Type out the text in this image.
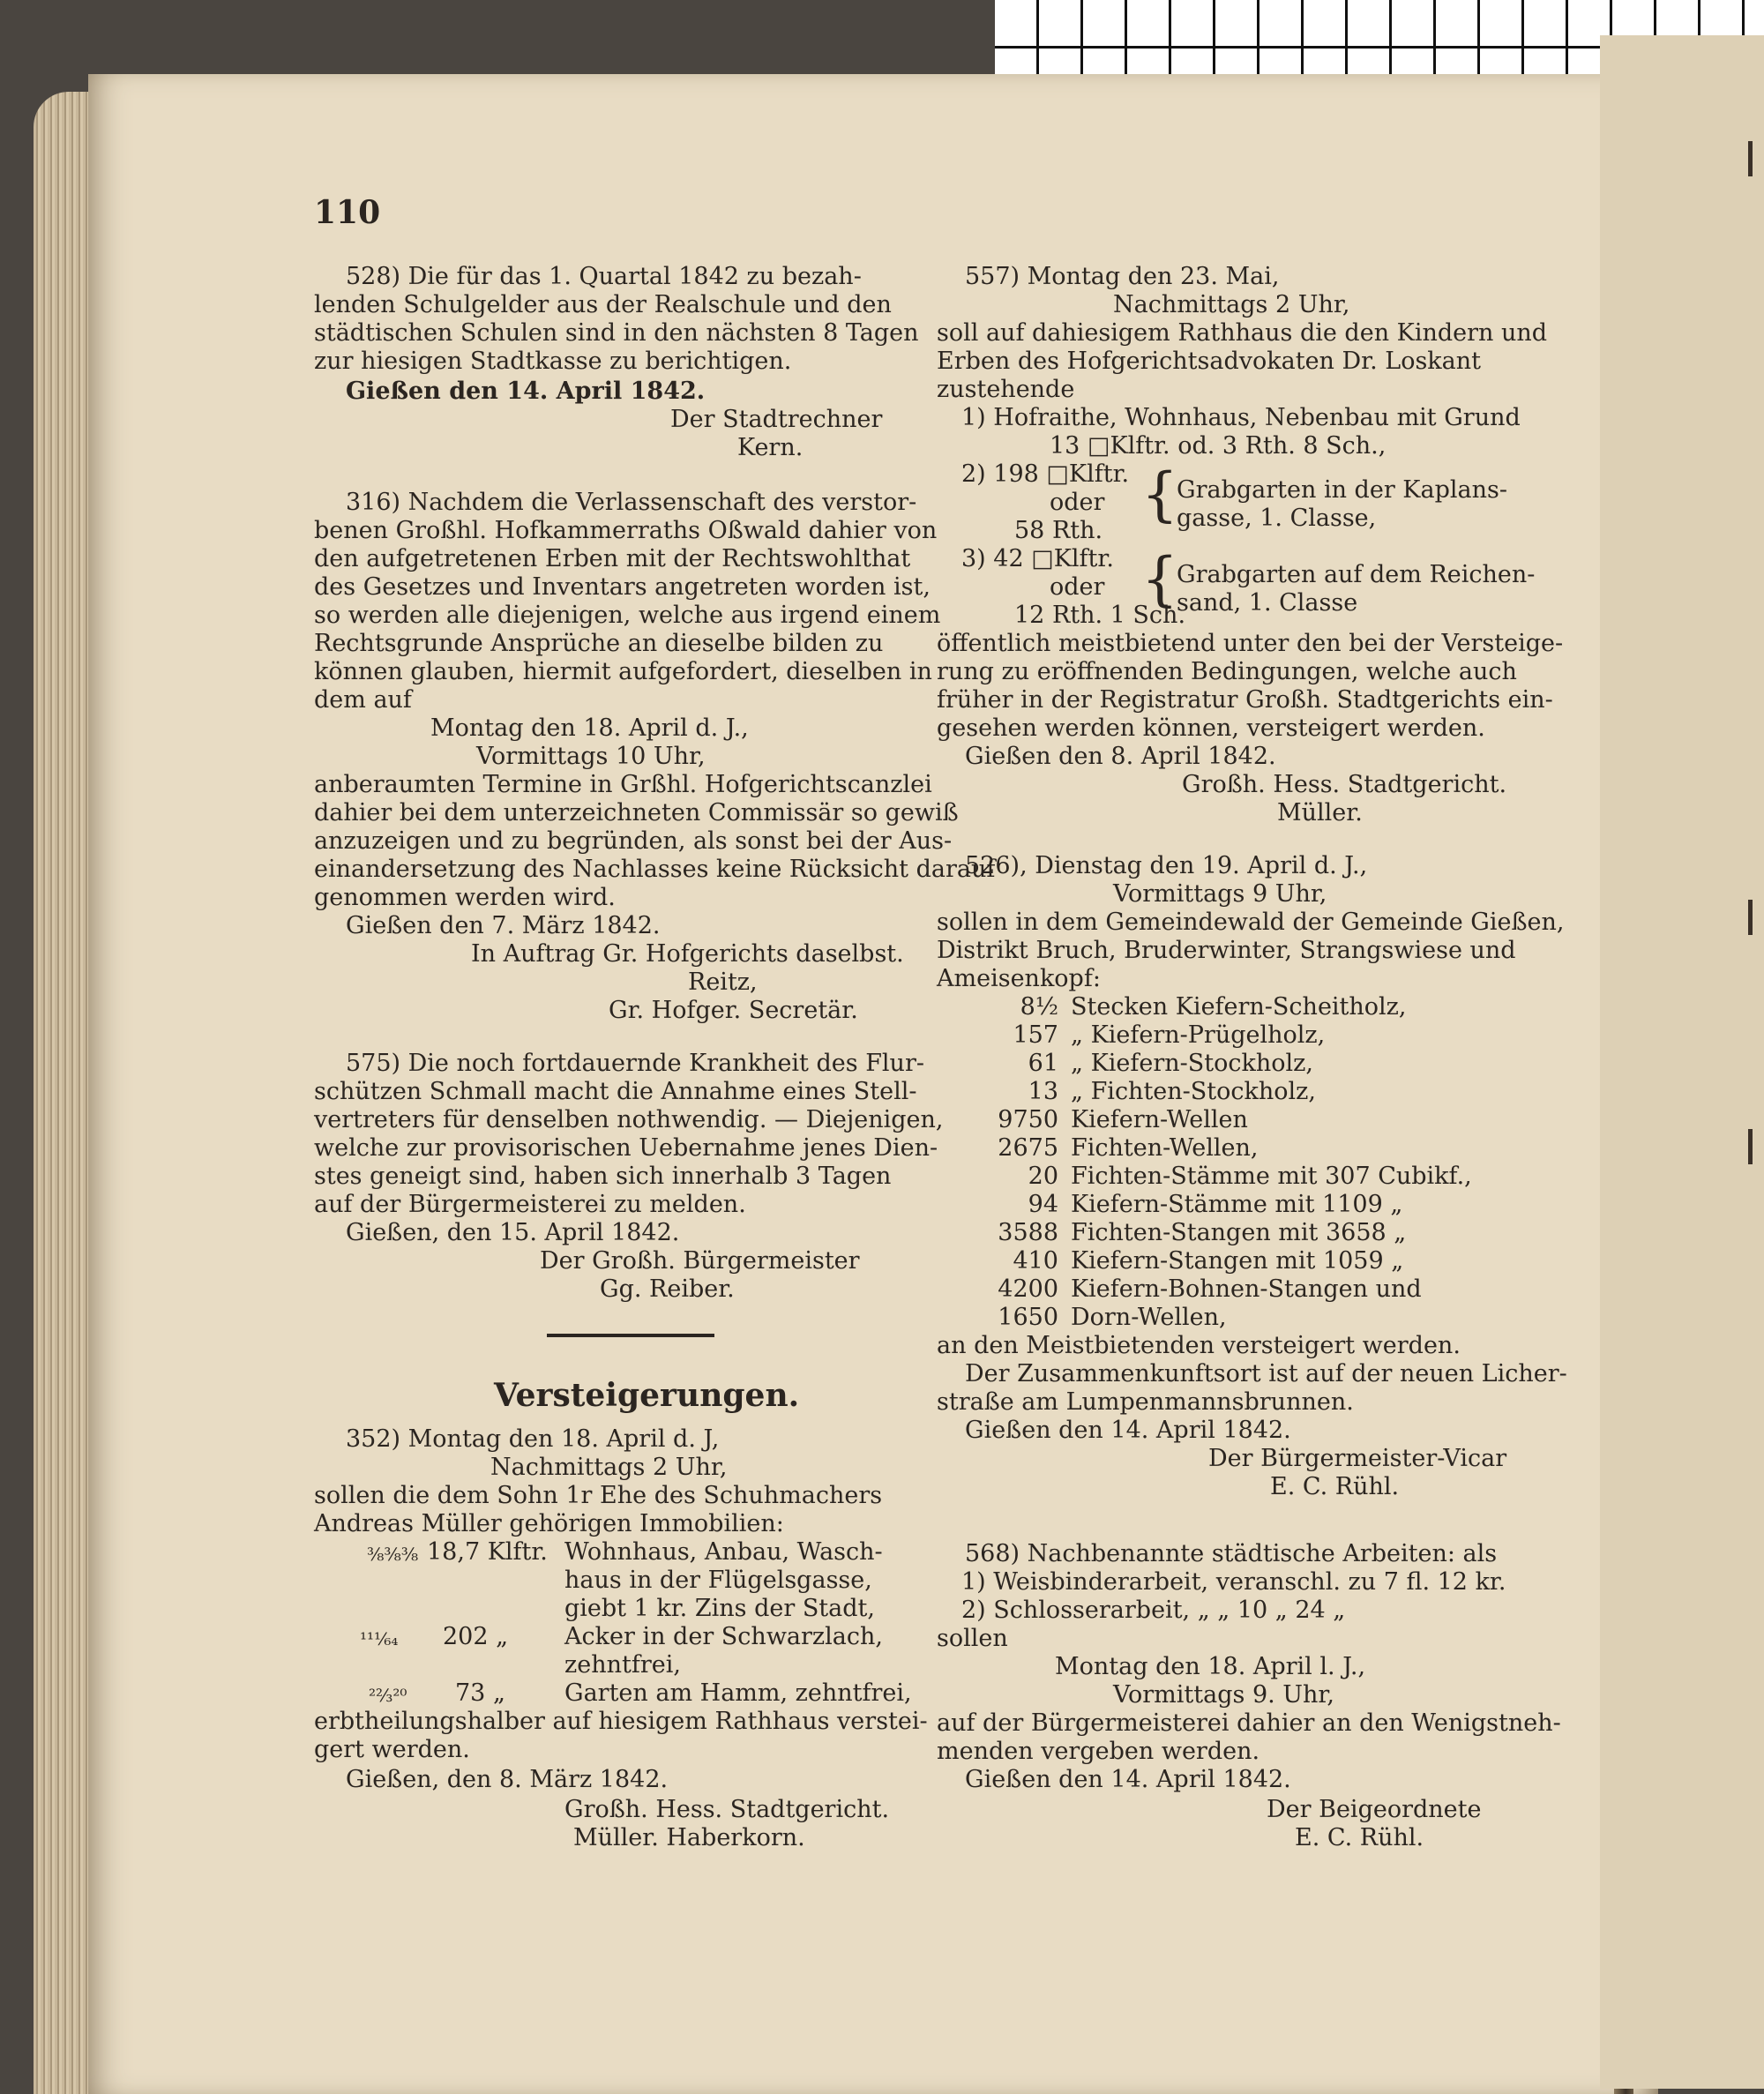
110
528) Die für das 1. Quartal 1842 zu bezah-
lenden Schulgelder aus der Realschule und den
städtischen Schulen sind in den nächsten 8 Tagen
zur hiesigen Stadtkasse zu berichtigen.
Gießen den 14. April 1842.
Der Stadtrechner
Kern.
316) Nachdem die Verlassenschaft des verstor-
benen Großhl. Hofkammerraths Oßwald dahier von
den aufgetretenen Erben mit der Rechtswohlthat
des Gesetzes und Inventars angetreten worden ist,
so werden alle diejenigen, welche aus irgend einem
Rechtsgrunde Ansprüche an dieselbe bilden zu
können glauben, hiermit aufgefordert, dieselben in
dem auf
Montag den 18. April d. J.,
Vormittags 10 Uhr,
anberaumten Termine in Grßhl. Hofgerichtscanzlei
dahier bei dem unterzeichneten Commissär so gewiß
anzuzeigen und zu begründen, als sonst bei der Aus-
einandersetzung des Nachlasses keine Rücksicht darauf
genommen werden wird.
Gießen den 7. März 1842.
In Auftrag Gr. Hofgerichts daselbst.
Reitz,
Gr. Hofger. Secretär.
575) Die noch fortdauernde Krankheit des Flur-
schützen Schmall macht die Annahme eines Stell-
vertreters für denselben nothwendig. — Diejenigen,
welche zur provisorischen Uebernahme jenes Dien-
stes geneigt sind, haben sich innerhalb 3 Tagen
auf der Bürgermeisterei zu melden.
Gießen, den 15. April 1842.
Der Großh. Bürgermeister
Gg. Reiber.
Versteigerungen.
352) Montag den 18. April d. J,
Nachmittags 2 Uhr,
sollen die dem Sohn 1r Ehe des Schuhmachers
Andreas Müller gehörigen Immobilien:
⅜⅜⅜ 18,7 Klftr. Wohnhaus, Anbau, Wasch-
haus in der Flügelsgasse,
giebt 1 kr. Zins der Stadt,
¹¹⅟₆₄ 202 „ Acker in der Schwarzlach,
zehntfrei,
²⅔²⁰ 73 „ Garten am Hamm, zehntfrei,
erbtheilungshalber auf hiesigem Rathhaus verstei-
gert werden.
Gießen, den 8. März 1842.
Großh. Hess. Stadtgericht.
Müller. Haberkorn.
557) Montag den 23. Mai,
Nachmittags 2 Uhr,
soll auf dahiesigem Rathhaus die den Kindern und
Erben des Hofgerichtsadvokaten Dr. Loskant
zustehende
1) Hofraithe, Wohnhaus, Nebenbau mit Grund
13 □Klftr. od. 3 Rth. 8 Sch.,
2) 198 □Klftr.
oder
58 Rth.
{
Grabgarten in der Kaplans-
gasse, 1. Classe,
3) 42 □Klftr.
oder
12 Rth. 1 Sch.
{
Grabgarten auf dem Reichen-
sand, 1. Classe
öffentlich meistbietend unter den bei der Versteige-
rung zu eröffnenden Bedingungen, welche auch
früher in der Registratur Großh. Stadtgerichts ein-
gesehen werden können, versteigert werden.
Gießen den 8. April 1842.
Großh. Hess. Stadtgericht.
Müller.
526), Dienstag den 19. April d. J.,
Vormittags 9 Uhr,
sollen in dem Gemeindewald der Gemeinde Gießen,
Distrikt Bruch, Bruderwinter, Strangswiese und
Ameisenkopf:
8½ Stecken Kiefern-Scheitholz,
157 „ Kiefern-Prügelholz,
61 „ Kiefern-Stockholz,
13 „ Fichten-Stockholz,
9750 Kiefern-Wellen
2675 Fichten-Wellen,
20 Fichten-Stämme mit 307 Cubikf.,
94 Kiefern-Stämme mit 1109 „
3588 Fichten-Stangen mit 3658 „
410 Kiefern-Stangen mit 1059 „
4200 Kiefern-Bohnen-Stangen und
1650 Dorn-Wellen,
an den Meistbietenden versteigert werden.
Der Zusammenkunftsort ist auf der neuen Licher-
straße am Lumpenmannsbrunnen.
Gießen den 14. April 1842.
Der Bürgermeister-Vicar
E. C. Rühl.
568) Nachbenannte städtische Arbeiten: als
1) Weisbinderarbeit, veranschl. zu 7 fl. 12 kr.
2) Schlosserarbeit, „ „ 10 „ 24 „
sollen
Montag den 18. April l. J.,
Vormittags 9. Uhr,
auf der Bürgermeisterei dahier an den Wenigstneh-
menden vergeben werden.
Gießen den 14. April 1842.
Der Beigeordnete
E. C. Rühl.
